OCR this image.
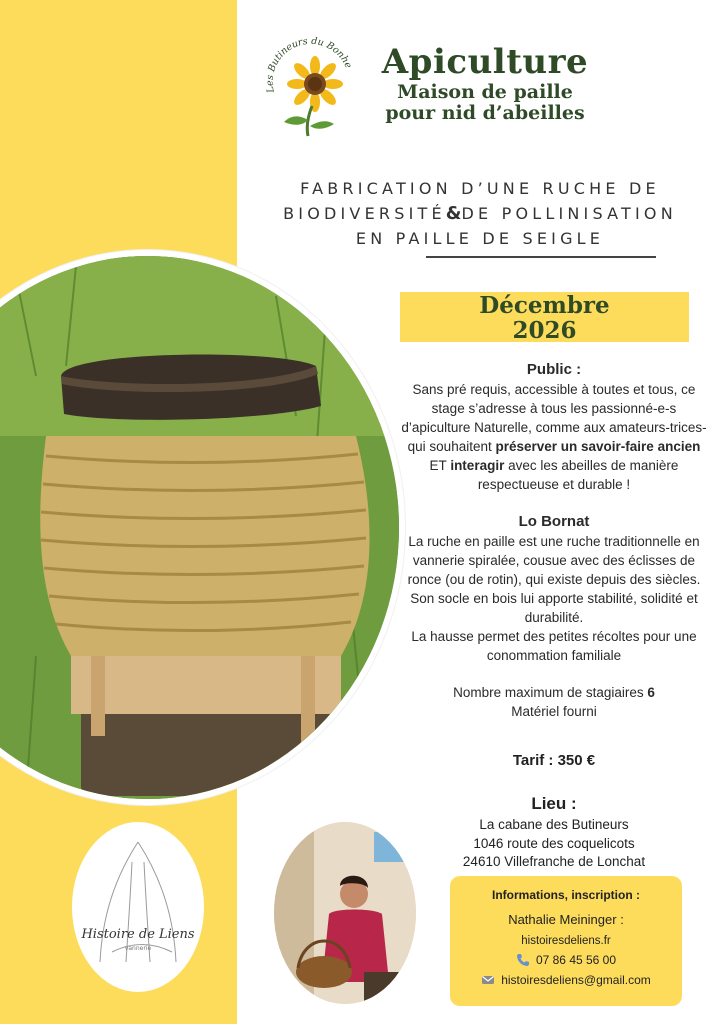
Les Butineurs du Bonhe Apiculture
Maison de paille
pour nid d’abeilles
FABRICATION D’UNE RUCHE DE
BIODIVERSITÉ&DE POLLINISATION
EN PAILLE DE SEIGLE
Décembre
2026
Public :

Sans pré requis, accessible à toutes et tous, ce stage s’adresse à tous les passionné-e-s d’apiculture Naturelle, comme aux amateurs-trices- qui souhaitent préserver un savoir-faire ancien ET interagir avec les abeilles de manière respectueuse et durable !

Lo Bornat

La ruche en paille est une ruche traditionnelle en vannerie spiralée, cousue avec des éclisses de ronce (ou de rotin), qui existe depuis des siècles.

Son socle en bois lui apporte stabilité, solidité et durabilité.

La hausse permet des petites récoltes pour une conommation familiale

Nombre maximum de stagiaires 6

Matériel fourni

Tarif : 350 €
Lieu :
La cabane des Butineurs
1046 route des coquelicots
24610 Villefranche de Lonchat
Histoire de Liens
vannerie
Informations, inscription :
Nathalie Meininger :
histoiresdeliens.fr
07 86 45 56 00
histoiresdeliens@gmail.com
